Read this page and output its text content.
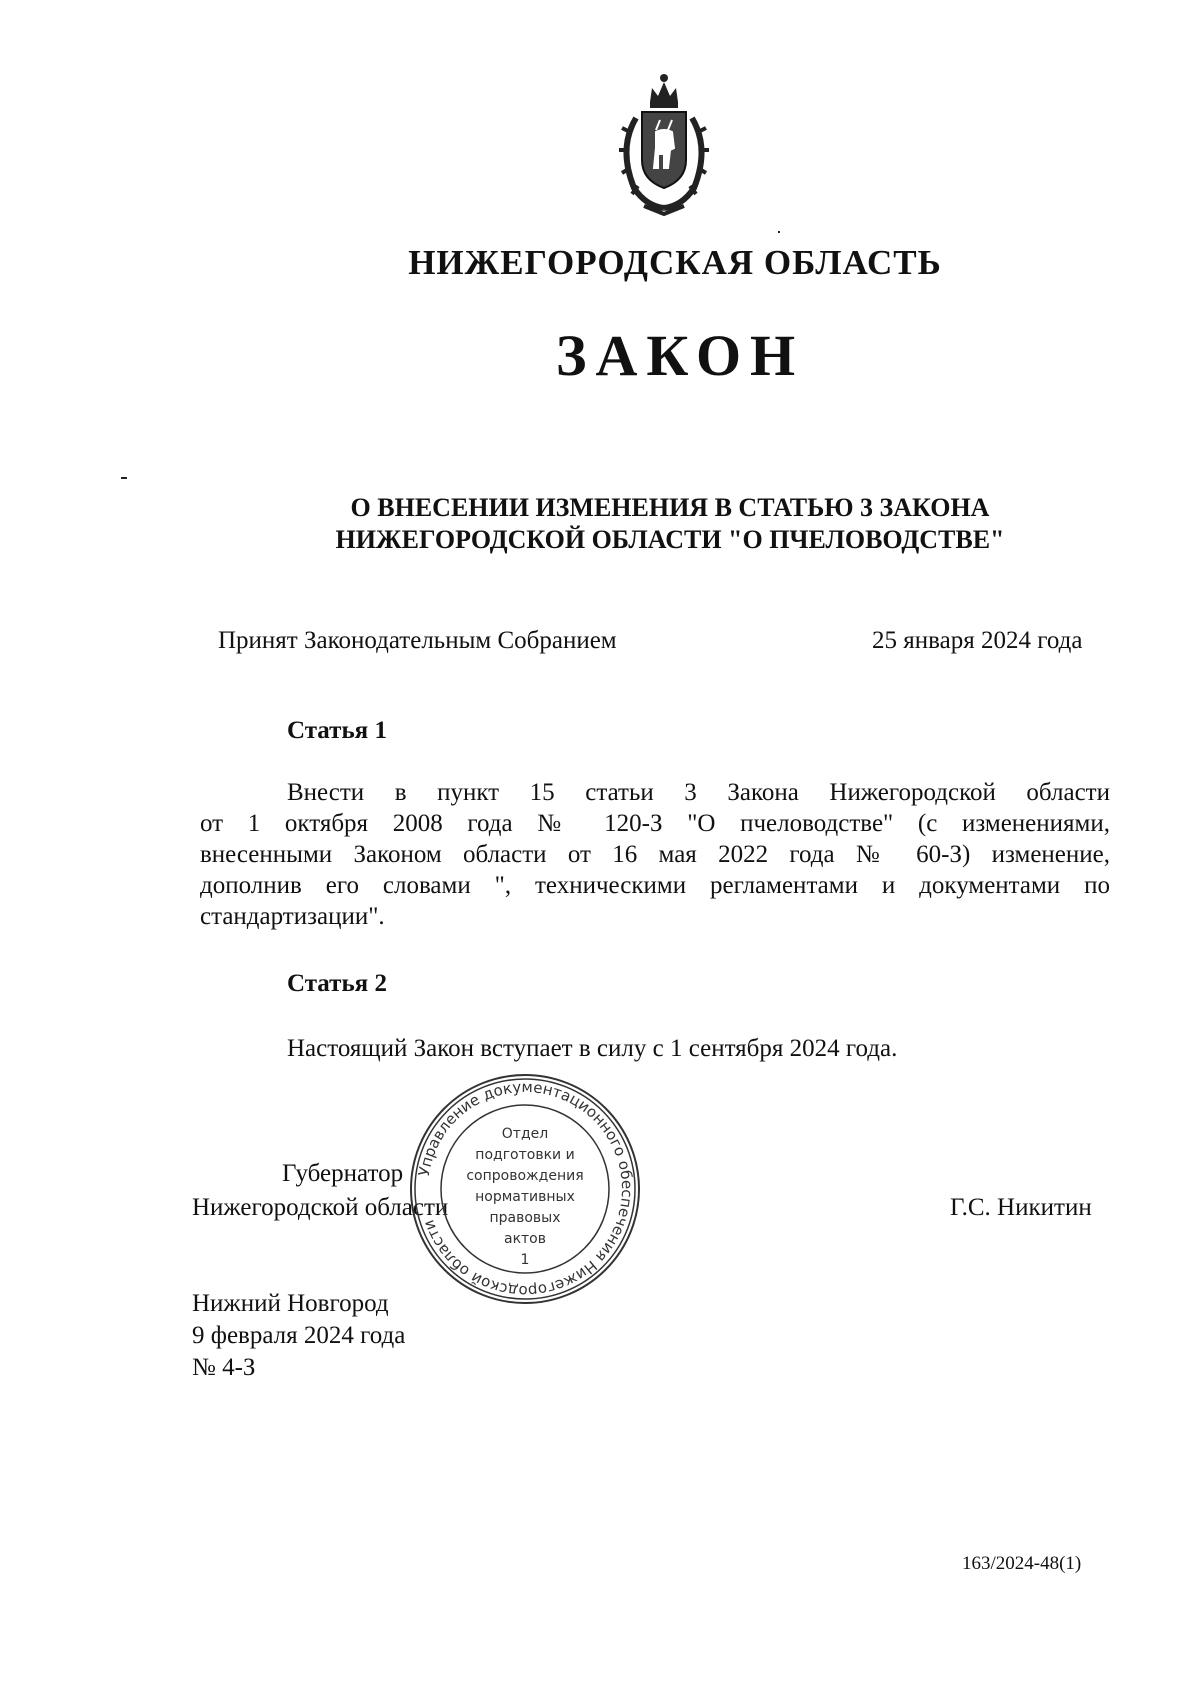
НИЖЕГОРОДСКАЯ ОБЛАСТЬ
ЗАКОН
О ВНЕСЕНИИ ИЗМЕНЕНИЯ В СТАТЬЮ 3 ЗАКОНА
НИЖЕГОРОДСКОЙ ОБЛАСТИ "О ПЧЕЛОВОДСТВЕ"
Принят Законодательным Собранием	25 января 2024 года
Статья 1
Внести в пункт 15 статьи 3 Закона Нижегородской области
от 1 октября 2008 года № 120-З "О пчеловодстве" (с изменениями,
внесенными Законом области от 16 мая 2022 года № 60-З) изменение,
дополнив его словами ", техническими регламентами и документами по
стандартизации".
Статья 2
Настоящий Закон вступает в силу с 1 сентября 2024 года.
Губернатор
Нижегородской области	Г.С. Никитин
Управление документационного обеспечения Нижегородской области
Отдел
подготовки и
сопровождения
нормативных
правовых
актов
1
Нижний Новгород
9 февраля 2024 года
№ 4-З
163/2024-48(1)
